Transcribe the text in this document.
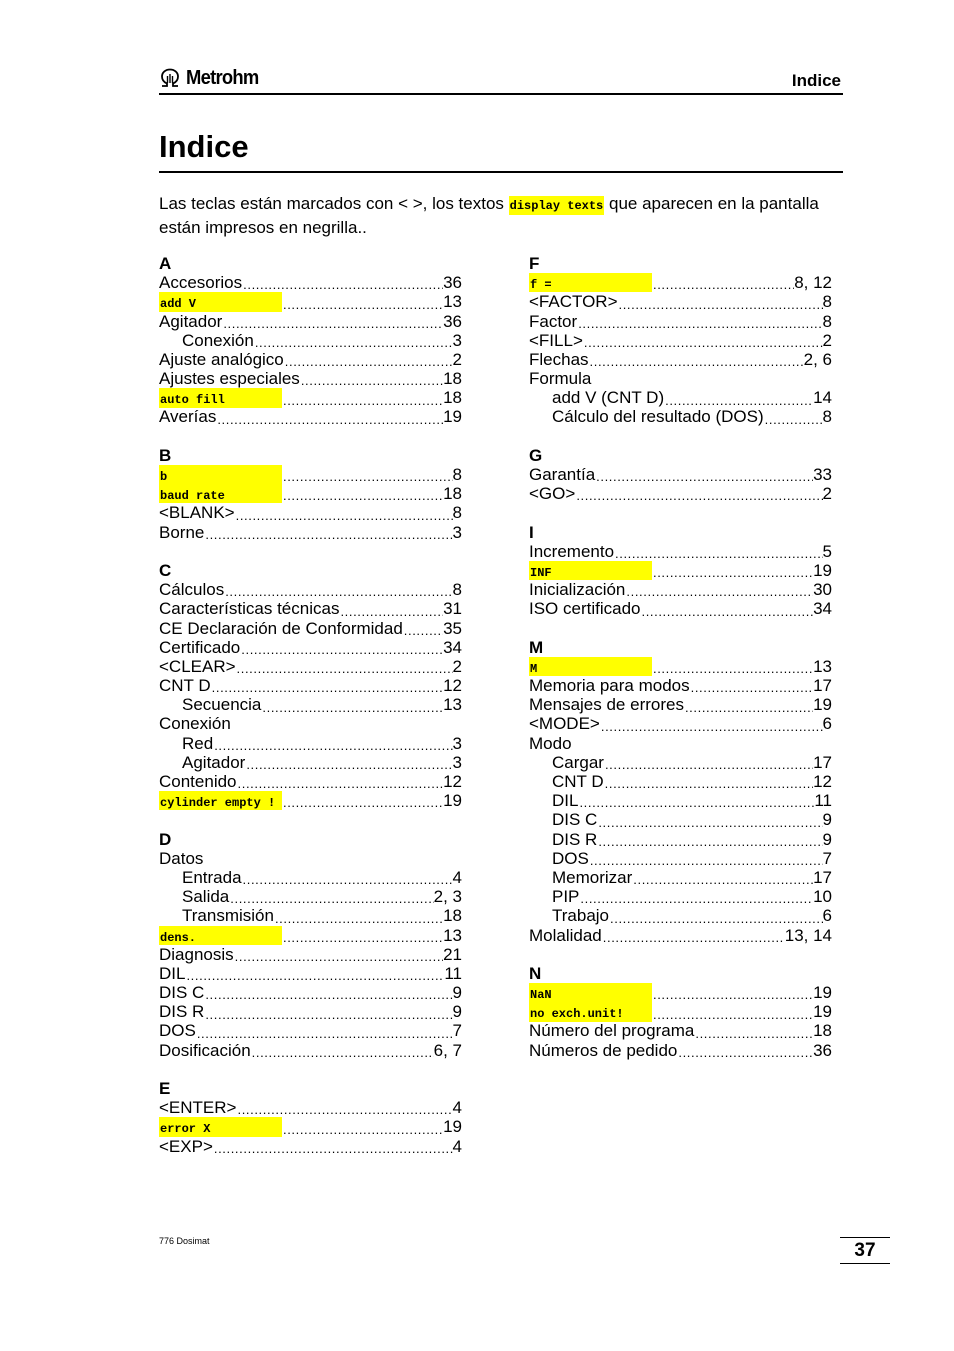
Metrohm	Indice
Indice
Las teclas están marcados con < >, los textos display texts que aparecen en la pantalla están impresos en negrilla..
A
Accesorios .....	36
add V .....	13
Agitador .....	36
Conexión .....	3
Ajuste analógico .....	2
Ajustes especiales .....	18
auto fill .....	18
Averías .....	19
B
b .....	8
baud rate .....	18
<BLANK> .....	8
Borne .....	3
C
Cálculos .....	8
Características técnicas .....	31
CE Declaración de Conformidad ..... 35
Certificado .....	34
<CLEAR> .....	2
CNT D .....	12
Secuencia .....	13
Conexión
Red .....	3
Agitador .....	3
Contenido .....	12
cylinder empty ! .....	19
D
Datos
Entrada .....	4
Salida .....	2, 3
Transmisión .....	18
dens. .....	13
Diagnosis .....	21
DIL .....	11
DIS C .....	9
DIS R .....	9
DOS .....	7
Dosificación .....	6, 7
E
<ENTER> .....	4
error X .....	19
<EXP> .....	4
F
f = .....	8, 12
<FACTOR> .....	8
Factor .....	8
<FILL> .....	2
Flechas .....	2, 6
Formula
add V (CNT D) .....	14
Cálculo del resultado (DOS) .....	8
G
Garantía .....	33
<GO> .....	2
I
Incremento .....	5
INF .....	19
Inicialización .....	30
ISO certificado .....	34
M
M .....	13
Memoria para modos .....	17
Mensajes de errores .....	19
<MODE> .....	6
Modo
Cargar .....	17
CNT D .....	12
DIL .....	11
DIS C .....	9
DIS R .....	9
DOS .....	7
Memorizar .....	17
PIP .....	10
Trabajo .....	6
Molalidad .....	13, 14
N
NaN .....	19
no exch.unit! .....	19
Número del programa .....	18
Números de pedido .....	36
776 Dosimat	37
